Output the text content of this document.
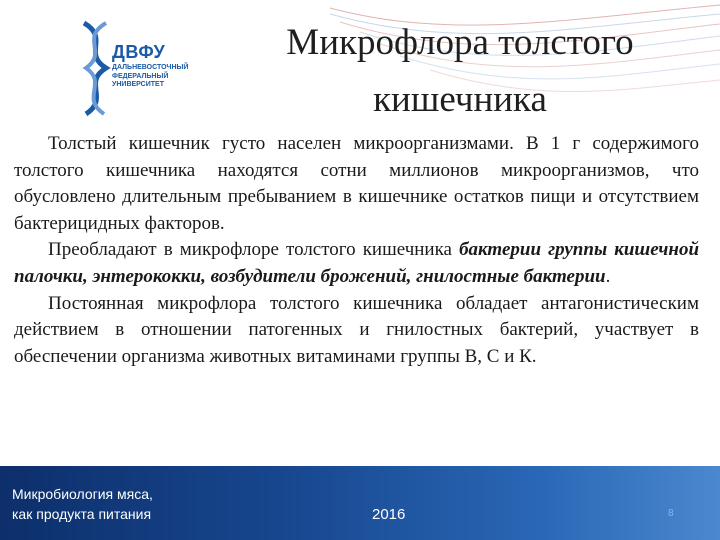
ДВФУ
ДАЛЬНЕВОСТОЧНЫЙ
ФЕДЕРАЛЬНЫЙ
УНИВЕРСИТЕТ
Микрофлора толстого
кишечника

Толстый кишечник густо населен микроорганизмами. В 1 г содержимого толстого кишечника находятся сотни миллионов микроорганизмов, что обусловлено длительным пребыванием в кишечнике остатков пищи и отсутствием бактерицидных факторов.

Преобладают в микрофлоре толстого кишечника бактерии группы кишечной палочки, энтерококки, возбудители брожений, гнилостные бактерии.

Постоянная микрофлора толстого кишечника обладает антагонистическим действием в отношении патогенных и гнилостных бактерий, участвует в обеспечении организма животных витаминами группы В, С и К.

Микробиология мяса,
как продукта питания	2016	8
